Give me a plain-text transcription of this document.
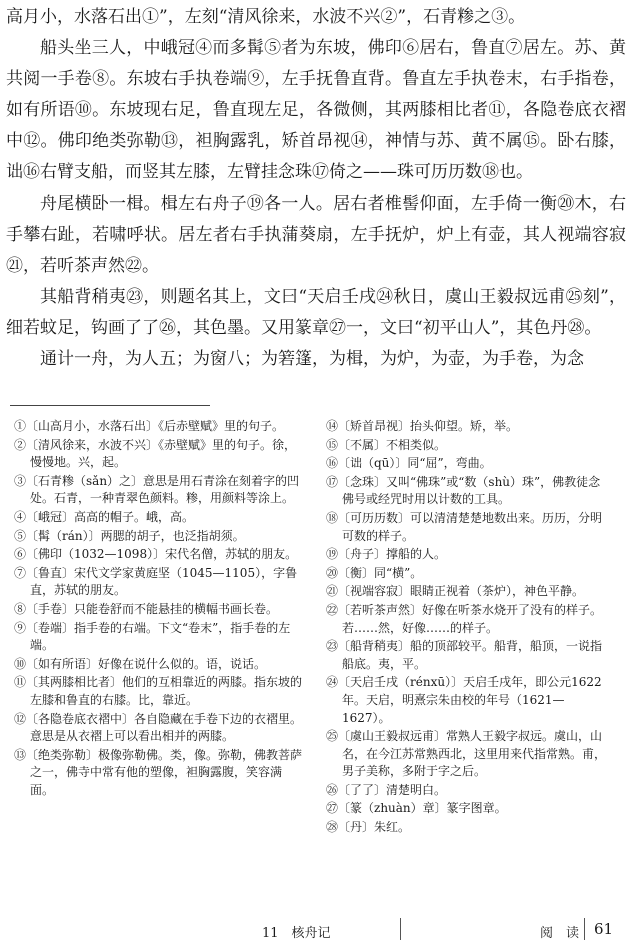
高月小，水落石出①”，左刻“清风徐来，水波不兴②”，石青糁之③。

船头坐三人，中峨冠④而多髯⑤者为东坡，佛印⑥居右，鲁直⑦居左。苏、黄共阅一手卷⑧。东坡右手执卷端⑨，左手抚鲁直背。鲁直左手执卷末，右手指卷，如有所语⑩。东坡现右足，鲁直现左足，各微侧，其两膝相比者⑪，各隐卷底衣褶中⑫。佛印绝类弥勒⑬，袒胸露乳，矫首昂视⑭，神情与苏、黄不属⑮。卧右膝，诎⑯右臂支船，而竖其左膝，左臂挂念珠⑰倚之——珠可历历数⑱也。

舟尾横卧一楫。楫左右舟子⑲各一人。居右者椎髻仰面，左手倚一衡⑳木，右手攀右趾，若啸呼状。居左者右手执蒲葵扇，左手抚炉，炉上有壶，其人视端容寂㉑，若听茶声然㉒。

其船背稍夷㉓，则题名其上，文曰“天启壬戌㉔秋日，虞山王毅叔远甫㉕刻”，细若蚊足，钩画了了㉖，其色墨。又用篆章㉗一，文曰“初平山人”，其色丹㉘。

通计一舟，为人五；为窗八；为箬篷，为楫，为炉，为壶，为手卷，为念

①〔山高月小，水落石出〕《后赤壁赋》里的句子。

②〔清风徐来，水波不兴〕《赤壁赋》里的句子。徐，慢慢地。兴，起。

③〔石青糁（sǎn）之〕意思是用石青涂在刻着字的凹处。石青，一种青翠色颜料。糁，用颜料等涂上。

④〔峨冠〕高高的帽子。峨，高。

⑤〔髯（rán）〕两腮的胡子，也泛指胡须。

⑥〔佛印（1032—1098）〕宋代名僧，苏轼的朋友。

⑦〔鲁直〕宋代文学家黄庭坚（1045—1105），字鲁直，苏轼的朋友。

⑧〔手卷〕只能卷舒而不能悬挂的横幅书画长卷。

⑨〔卷端〕指手卷的右端。下文“卷末”，指手卷的左端。

⑩〔如有所语〕好像在说什么似的。语，说话。

⑪〔其两膝相比者〕他们的互相靠近的两膝。指东坡的左膝和鲁直的右膝。比，靠近。

⑫〔各隐卷底衣褶中〕各自隐藏在手卷下边的衣褶里。意思是从衣褶上可以看出相并的两膝。

⑬〔绝类弥勒〕极像弥勒佛。类，像。弥勒，佛教菩萨之一，佛寺中常有他的塑像，袒胸露腹，笑容满面。

⑭〔矫首昂视〕抬头仰望。矫，举。

⑮〔不属〕不相类似。

⑯〔诎（qū）〕同“屈”，弯曲。

⑰〔念珠〕又叫“佛珠”或“数（shù）珠”，佛教徒念佛号或经咒时用以计数的工具。

⑱〔可历历数〕可以清清楚楚地数出来。历历，分明可数的样子。

⑲〔舟子〕撑船的人。

⑳〔衡〕同“横”。

㉑〔视端容寂〕眼睛正视着（茶炉），神色平静。

㉒〔若听茶声然〕好像在听茶水烧开了没有的样子。若……然，好像……的样子。

㉓〔船背稍夷〕船的顶部较平。船背，船顶，一说指船底。夷，平。

㉔〔天启壬戌（rénxū）〕天启壬戌年，即公元1622年。天启，明熹宗朱由校的年号（1621—1627）。

㉕〔虞山王毅叔远甫〕常熟人王毅字叔远。虞山，山名，在今江苏常熟西北，这里用来代指常熟。甫，男子美称，多附于字之后。

㉖〔了了〕清楚明白。

㉗〔篆（zhuàn）章〕篆字图章。

㉘〔丹〕朱红。

11　核舟记	阅　读 61
